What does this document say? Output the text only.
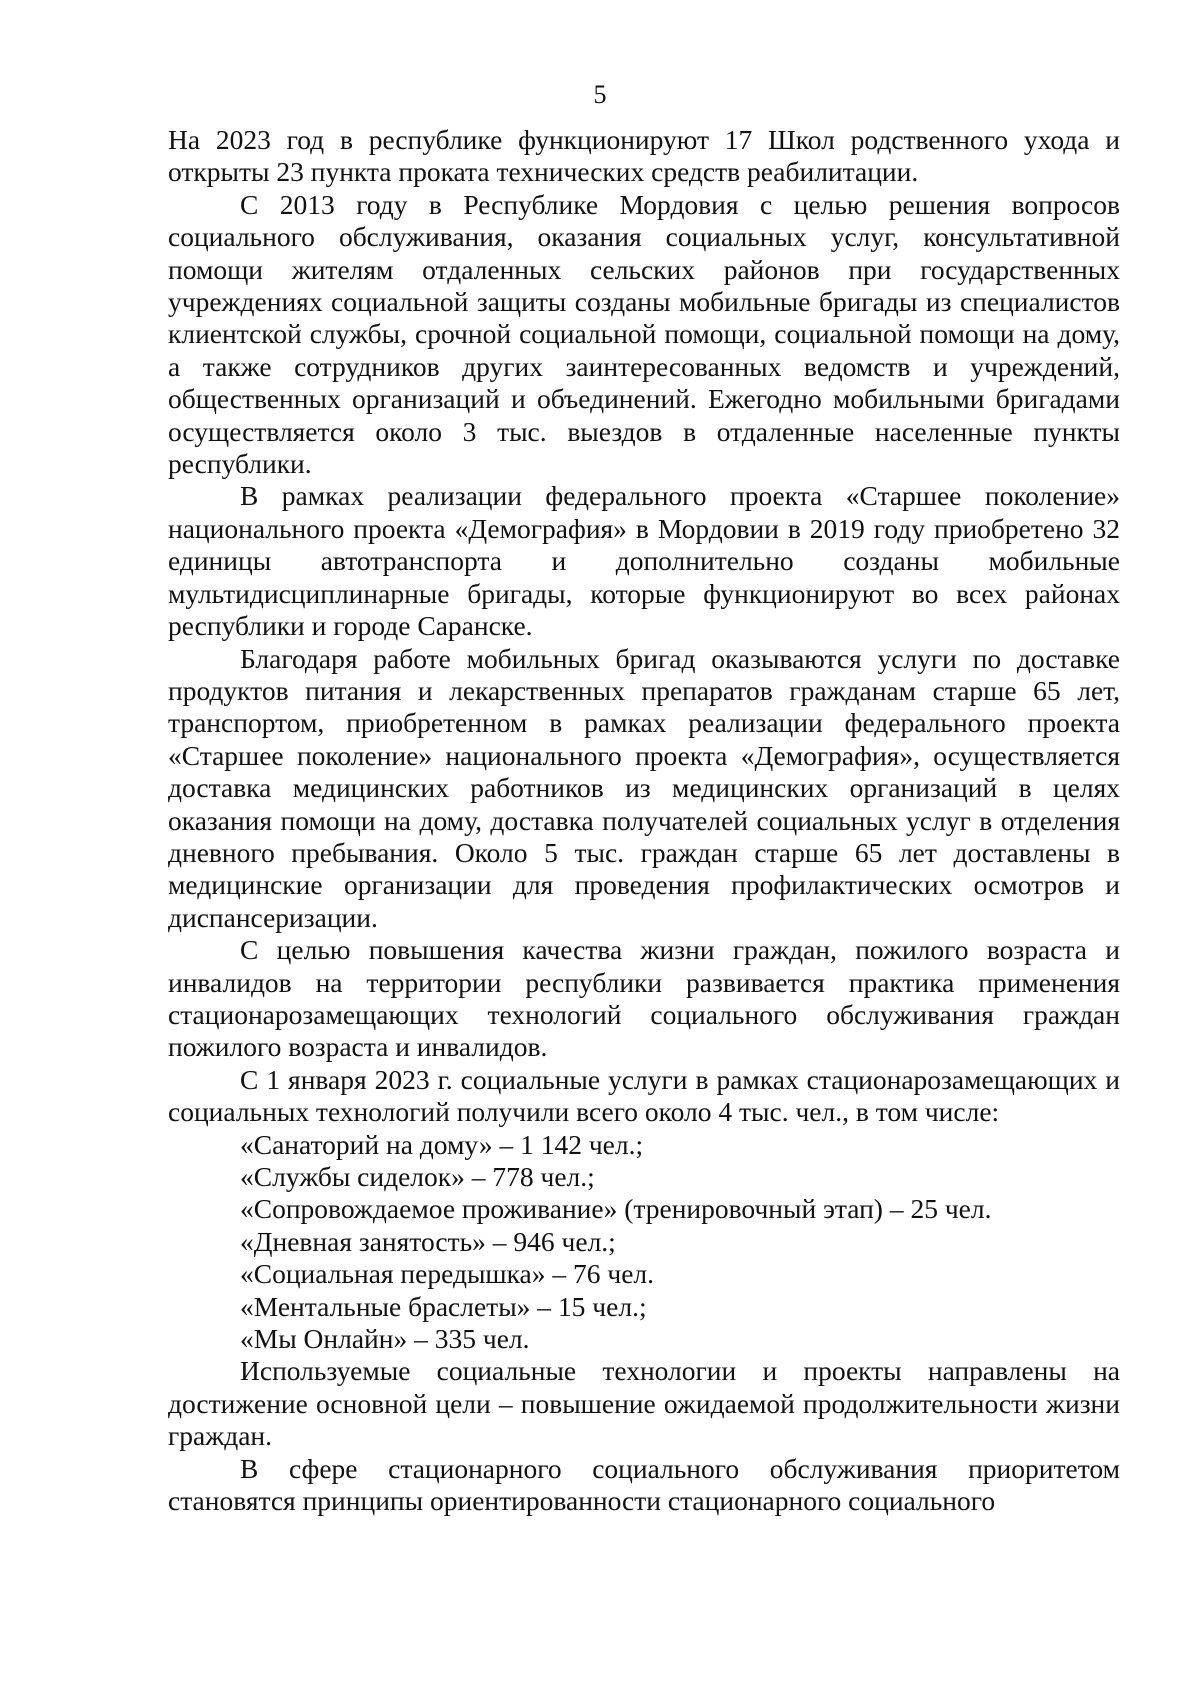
5

На 2023 год в республике функционируют 17 Школ родственного ухода и открыты 23 пункта проката технических средств реабилитации.

С 2013 году в Республике Мордовия с целью решения вопросов социального обслуживания, оказания социальных услуг, консультативной помощи жителям отдаленных сельских районов при государственных учреждениях социальной защиты созданы мобильные бригады из специалистов клиентской службы, срочной социальной помощи, социальной помощи на дому, а также сотрудников других заинтересованных ведомств и учреждений, общественных организаций и объединений. Ежегодно мобильными бригадами осуществляется около 3 тыс. выездов в отдаленные населенные пункты республики.

В рамках реализации федерального проекта «Старшее поколение» национального проекта «Демография» в Мордовии в 2019 году приобретено 32 единицы автотранспорта и дополнительно созданы мобильные мультидисциплинарные бригады, которые функционируют во всех районах республики и городе Саранске.

Благодаря работе мобильных бригад оказываются услуги по доставке продуктов питания и лекарственных препаратов гражданам старше 65 лет, транспортом, приобретенном в рамках реализации федерального проекта «Старшее поколение» национального проекта «Демография», осуществляется доставка медицинских работников из медицинских организаций в целях оказания помощи на дому, доставка получателей социальных услуг в отделения дневного пребывания. Около 5 тыс. граждан старше 65 лет доставлены в медицинские организации для проведения профилактических осмотров и диспансеризации.

С целью повышения качества жизни граждан, пожилого возраста и инвалидов на территории республики развивается практика применения стационарозамещающих технологий социального обслуживания граждан пожилого возраста и инвалидов.

С 1 января 2023 г. социальные услуги в рамках стационарозамещающих и социальных технологий получили всего около 4 тыс. чел., в том числе:

«Санаторий на дому» – 1 142 чел.;
«Службы сиделок» – 778 чел.;
«Сопровождаемое проживание» (тренировочный этап) – 25 чел.
«Дневная занятость» – 946 чел.;
«Социальная передышка» – 76 чел.
«Ментальные браслеты» – 15 чел.;
«Мы Онлайн» – 335 чел.

Используемые социальные технологии и проекты направлены на достижение основной цели – повышение ожидаемой продолжительности жизни граждан.

В сфере стационарного социального обслуживания приоритетом становятся принципы ориентированности стационарного социального
